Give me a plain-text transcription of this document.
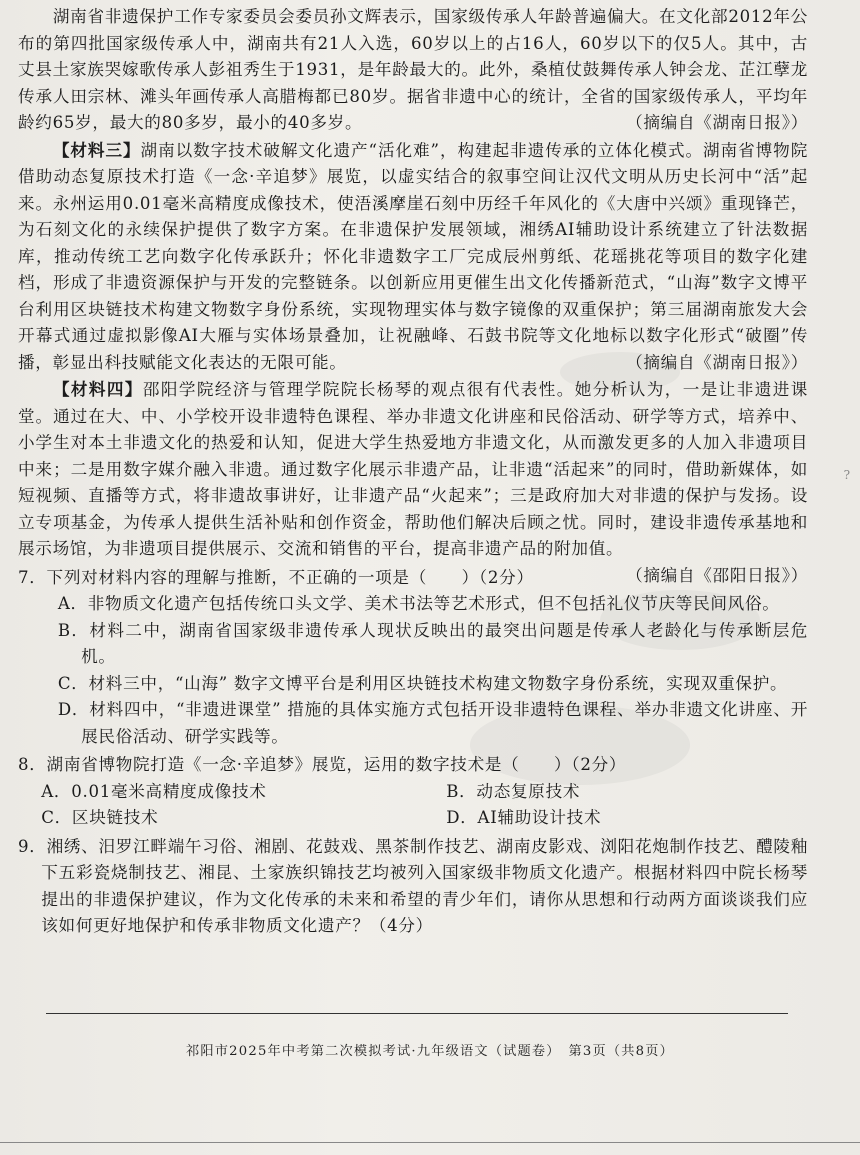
湖南省非遗保护工作专家委员会委员孙文辉表示，国家级传承人年龄普遍偏大。在文化部2012年公布的第四批国家级传承人中，湖南共有21人入选，60岁以上的占16人，60岁以下的仅5人。其中，古丈县土家族哭嫁歌传承人彭祖秀生于1931，是年龄最大的。此外，桑植仗鼓舞传承人钟会龙、芷江孽龙传承人田宗林、滩头年画传承人高腊梅都已80岁。据省非遗中心的统计，全省的国家级传承人，平均年龄约65岁，最大的80多岁，最小的40多岁。	（摘编自《湖南日报》）

【材料三】湖南以数字技术破解文化遗产“活化难”，构建起非遗传承的立体化模式。湖南省博物院借助动态复原技术打造《一念·辛追梦》展览，以虚实结合的叙事空间让汉代文明从历史长河中“活”起来。永州运用0.01毫米高精度成像技术，使浯溪摩崖石刻中历经千年风化的《大唐中兴颂》重现锋芒，为石刻文化的永续保护提供了数字方案。在非遗保护发展领域，湘绣AI辅助设计系统建立了针法数据库，推动传统工艺向数字化传承跃升；怀化非遗数字工厂完成辰州剪纸、花瑶挑花等项目的数字化建档，形成了非遗资源保护与开发的完整链条。以创新应用更催生出文化传播新范式，“山海”数字文博平台利用区块链技术构建文物数字身份系统，实现物理实体与数字镜像的双重保护；第三届湖南旅发大会开幕式通过虚拟影像AI大雁与实体场景叠加，让祝融峰、石鼓书院等文化地标以数字化形式“破圈”传播，彰显出科技赋能文化表达的无限可能。	（摘编自《湖南日报》）

【材料四】邵阳学院经济与管理学院院长杨琴的观点很有代表性。她分析认为，一是让非遗进课堂。通过在大、中、小学校开设非遗特色课程、举办非遗文化讲座和民俗活动、研学等方式，培养中、小学生对本土非遗文化的热爱和认知，促进大学生热爱地方非遗文化，从而激发更多的人加入非遗项目中来；二是用数字媒介融入非遗。通过数字化展示非遗产品，让非遗“活起来”的同时，借助新媒体，如短视频、直播等方式，将非遗故事讲好，让非遗产品“火起来”；三是政府加大对非遗的保护与发扬。设立专项基金，为传承人提供生活补贴和创作资金，帮助他们解决后顾之忧。同时，建设非遗传承基地和展示场馆，为非遗项目提供展示、交流和销售的平台，提高非遗产品的附加值。
（摘编自《邵阳日报》）

7．下列对材料内容的理解与推断，不正确的一项是（　　）（2分）
A．非物质文化遗产包括传统口头文学、美术书法等艺术形式，但不包括礼仪节庆等民间风俗。
B．材料二中，湖南省国家级非遗传承人现状反映出的最突出问题是传承人老龄化与传承断层危机。
C．材料三中，“山海” 数字文博平台是利用区块链技术构建文物数字身份系统，实现双重保护。
D．材料四中，“非遗进课堂” 措施的具体实施方式包括开设非遗特色课程、举办非遗文化讲座、开展民俗活动、研学实践等。
8．湖南省博物院打造《一念·辛追梦》展览，运用的数字技术是（　　）（2分）
A．0.01毫米高精度成像技术	B．动态复原技术
C．区块链技术	D．AI辅助设计技术
9．湘绣、汨罗江畔端午习俗、湘剧、花鼓戏、黑茶制作技艺、湖南皮影戏、浏阳花炮制作技艺、醴陵釉下五彩瓷烧制技艺、湘昆、土家族织锦技艺均被列入国家级非物质文化遗产。根据材料四中院长杨琴提出的非遗保护建议，作为文化传承的未来和希望的青少年们，请你从思想和行动两方面谈谈我们应该如何更好地保护和传承非物质文化遗产？（4分）
?
祁阳市2025年中考第二次模拟考试·九年级语文（试题卷）　第3页（共8页）
